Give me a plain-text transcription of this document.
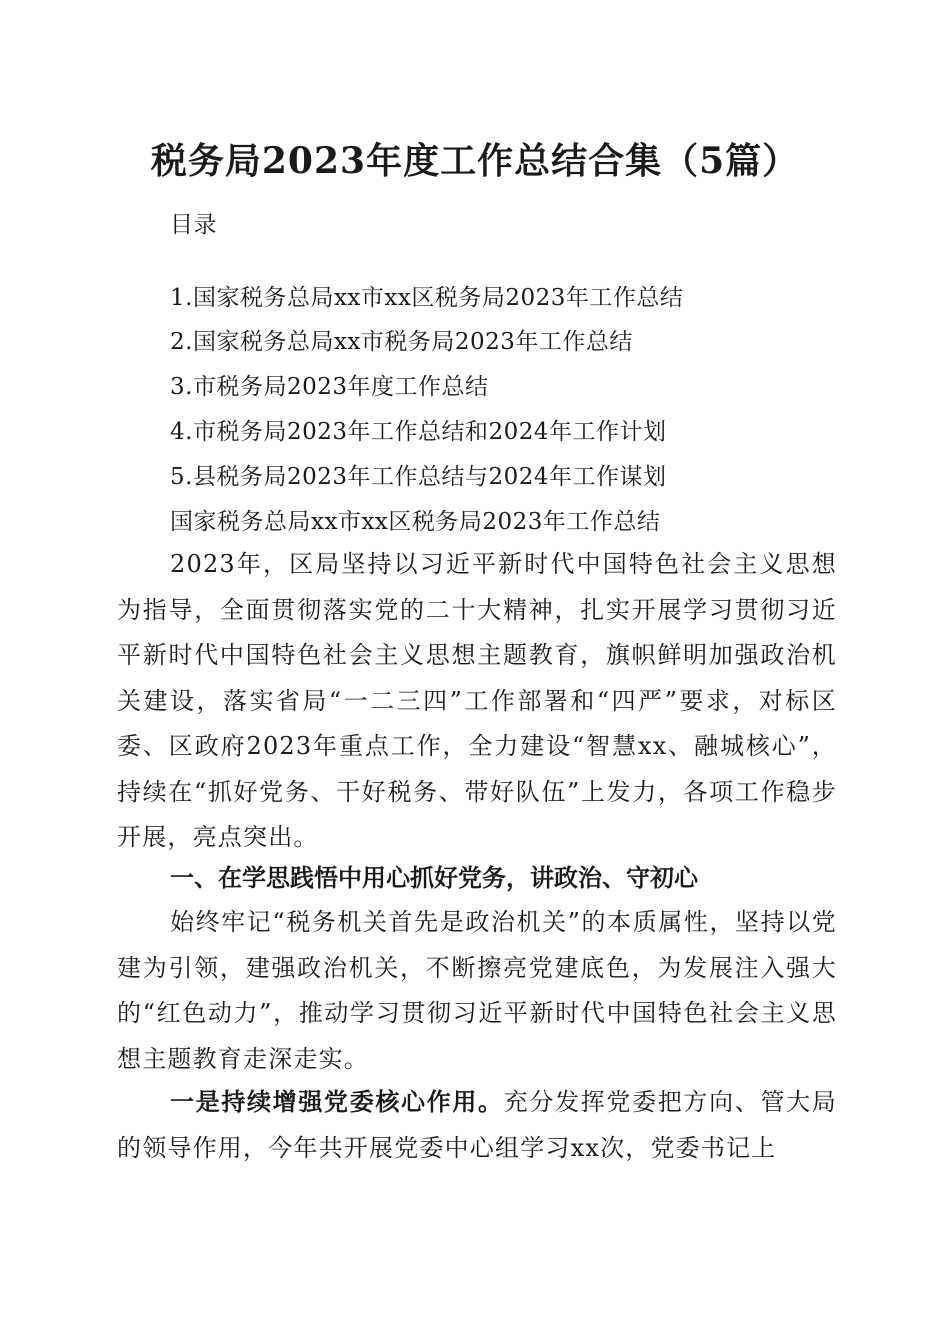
税务局2023年度工作总结合集（5篇）

目录

1.国家税务总局xx市xx区税务局2023年工作总结

2.国家税务总局xx市税务局2023年工作总结

3.市税务局2023年度工作总结

4.市税务局2023年工作总结和2024年工作计划

5.县税务局2023年工作总结与2024年工作谋划

国家税务总局xx市xx区税务局2023年工作总结

2023年，区局坚持以习近平新时代中国特色社会主义思想为指导，全面贯彻落实党的二十大精神，扎实开展学习贯彻习近平新时代中国特色社会主义思想主题教育，旗帜鲜明加强政治机关建设，落实省局“一二三四”工作部署和“四严”要求，对标区委、区政府2023年重点工作，全力建设“智慧xx、融城核心”，持续在“抓好党务、干好税务、带好队伍”上发力，各项工作稳步开展，亮点突出。

一、在学思践悟中用心抓好党务，讲政治、守初心

始终牢记“税务机关首先是政治机关”的本质属性，坚持以党建为引领，建强政治机关，不断擦亮党建底色，为发展注入强大的“红色动力”，推动学习贯彻习近平新时代中国特色社会主义思想主题教育走深走实。

一是持续增强党委核心作用。充分发挥党委把方向、管大局的领导作用，今年共开展党委中心组学习xx次，党委书记上
